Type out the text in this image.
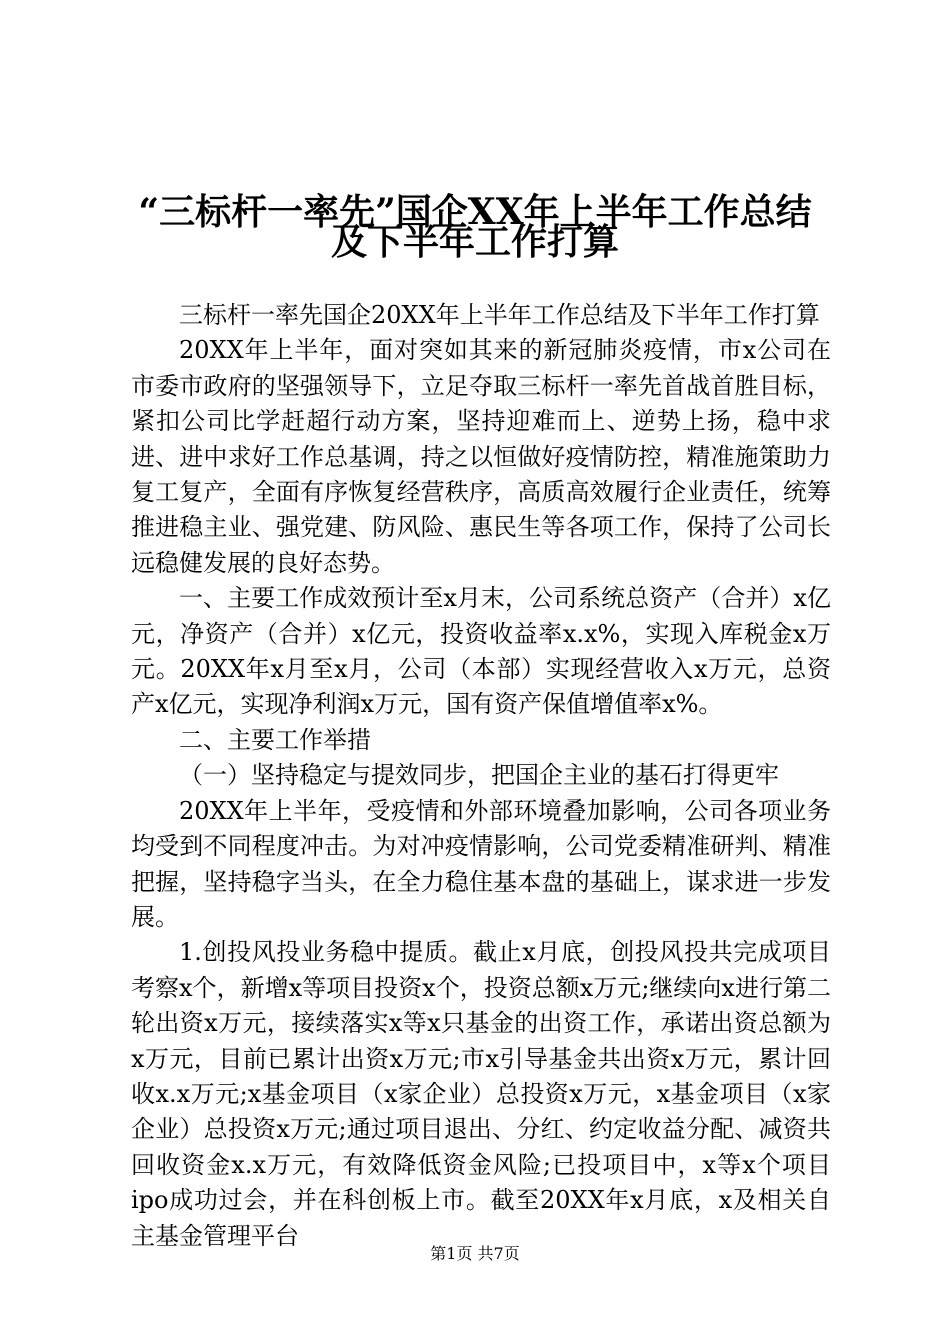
“三标杆一率先”国企XX年上半年工作总结
及下半年工作打算

三标杆一率先国企20XX年上半年工作总结及下半年工作打算

20XX年上半年，面对突如其来的新冠肺炎疫情，市x公司在市委市政府的坚强领导下，立足夺取三标杆一率先首战首胜目标，紧扣公司比学赶超行动方案，坚持迎难而上、逆势上扬，稳中求进、进中求好工作总基调，持之以恒做好疫情防控，精准施策助力复工复产，全面有序恢复经营秩序，高质高效履行企业责任，统筹推进稳主业、强党建、防风险、惠民生等各项工作，保持了公司长远稳健发展的良好态势。

一、主要工作成效预计至x月末，公司系统总资产（合并）x亿元，净资产（合并）x亿元，投资收益率x.x%，实现入库税金x万元。20XX年x月至x月，公司（本部）实现经营收入x万元，总资产x亿元，实现净利润x万元，国有资产保值增值率x%。

二、主要工作举措

（一）坚持稳定与提效同步，把国企主业的基石打得更牢

20XX年上半年，受疫情和外部环境叠加影响，公司各项业务均受到不同程度冲击。为对冲疫情影响，公司党委精准研判、精准把握，坚持稳字当头，在全力稳住基本盘的基础上，谋求进一步发展。

1.创投风投业务稳中提质。截止x月底，创投风投共完成项目考察x个，新增x等项目投资x个，投资总额x万元;继续向x进行第二轮出资x万元，接续落实x等x只基金的出资工作，承诺出资总额为x万元，目前已累计出资x万元;市x引导基金共出资x万元，累计回收x.x万元;x基金项目（x家企业）总投资x万元，x基金项目（x家企业）总投资x万元;通过项目退出、分红、约定收益分配、减资共回收资金x.x万元，有效降低资金风险;已投项目中，x等x个项目ipo成功过会，并在科创板上市。截至20XX年x月底，x及相关自主基金管理平台

第1页 共7页
